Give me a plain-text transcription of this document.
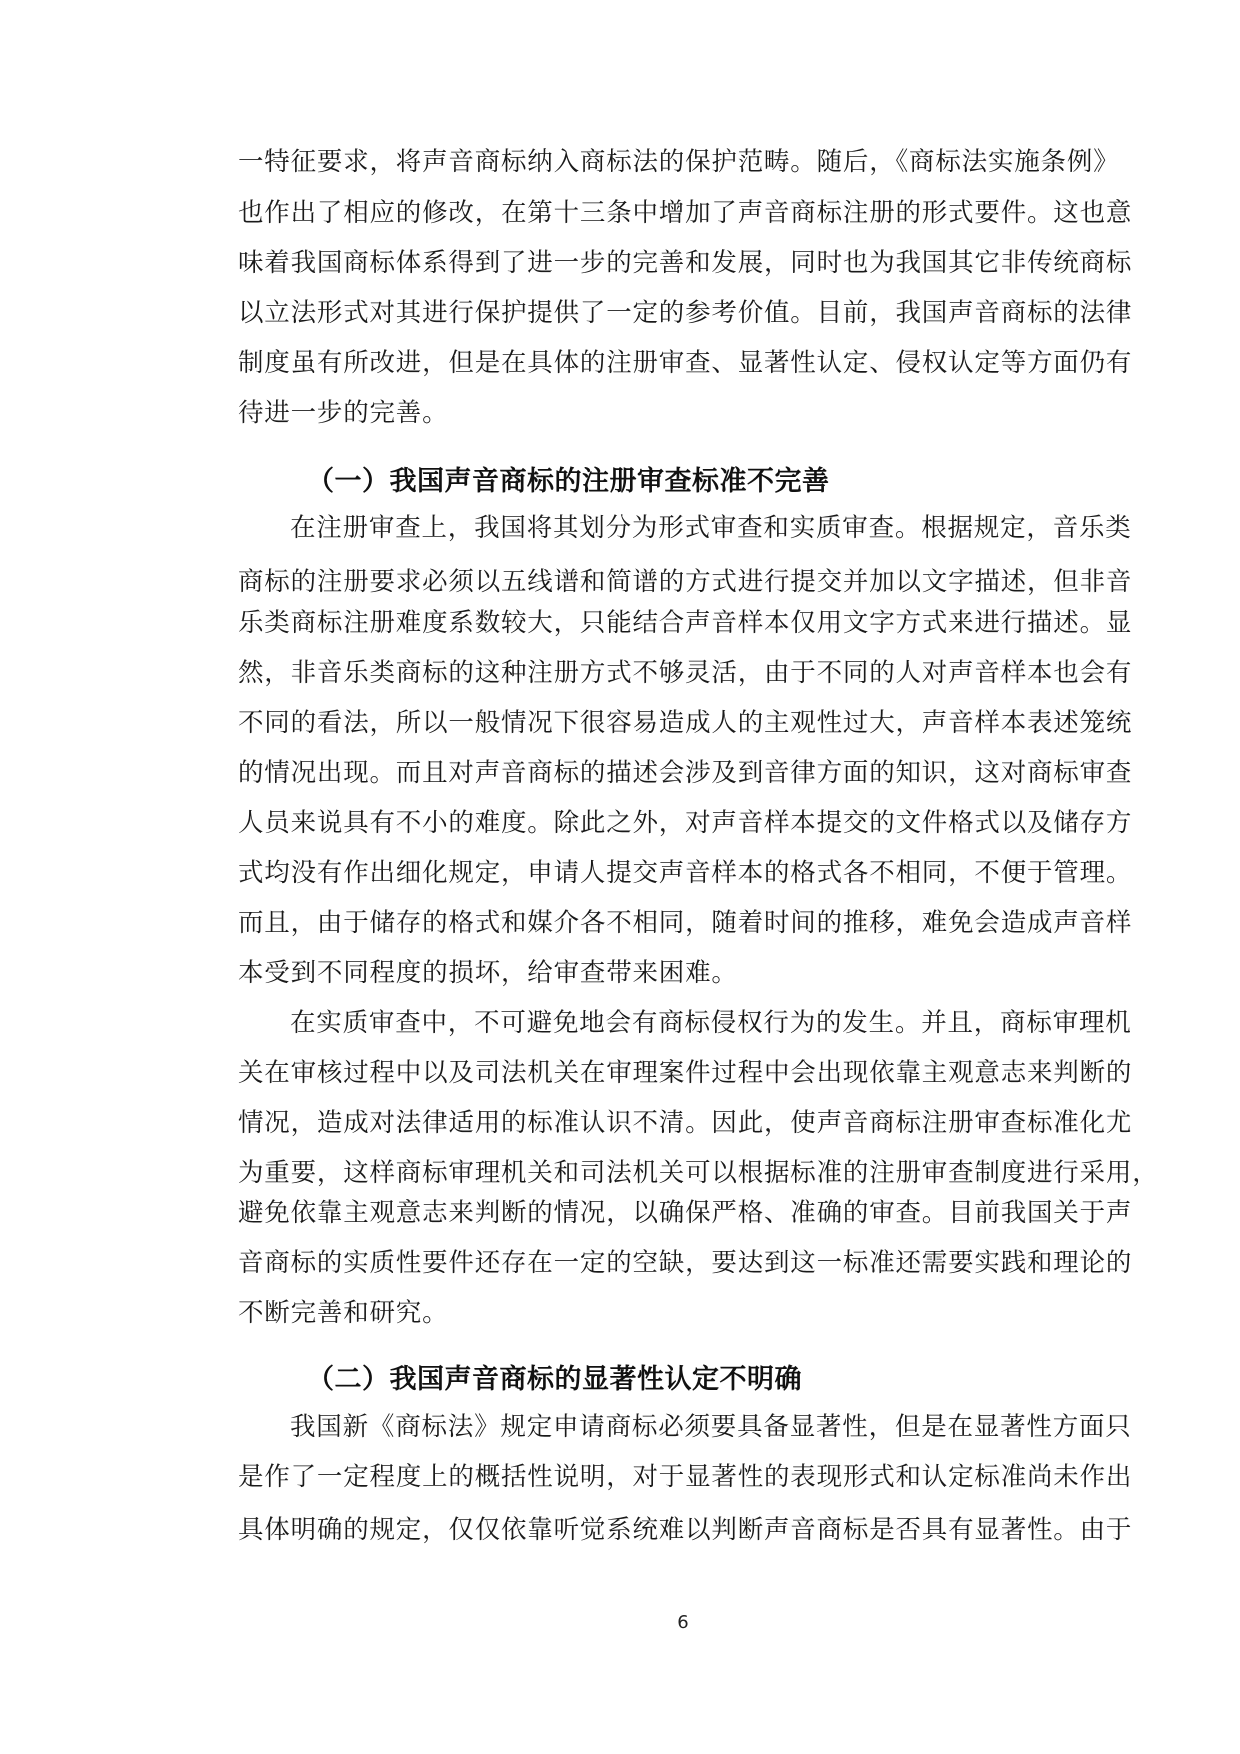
一特征要求，将声音商标纳入商标法的保护范畴。随后，《商标法实施条例》
也作出了相应的修改，在第十三条中增加了声音商标注册的形式要件。这也意
味着我国商标体系得到了进一步的完善和发展，同时也为我国其它非传统商标
以立法形式对其进行保护提供了一定的参考价值。目前，我国声音商标的法律
制度虽有所改进，但是在具体的注册审查、显著性认定、侵权认定等方面仍有
待进一步的完善。
（一）我国声音商标的注册审查标准不完善
在注册审查上，我国将其划分为形式审查和实质审查。根据规定，音乐类
商标的注册要求必须以五线谱和简谱的方式进行提交并加以文字描述，但非音
乐类商标注册难度系数较大，只能结合声音样本仅用文字方式来进行描述。显
然，非音乐类商标的这种注册方式不够灵活，由于不同的人对声音样本也会有
不同的看法，所以一般情况下很容易造成人的主观性过大，声音样本表述笼统
的情况出现。而且对声音商标的描述会涉及到音律方面的知识，这对商标审查
人员来说具有不小的难度。除此之外，对声音样本提交的文件格式以及储存方
式均没有作出细化规定，申请人提交声音样本的格式各不相同，不便于管理。
而且，由于储存的格式和媒介各不相同，随着时间的推移，难免会造成声音样
本受到不同程度的损坏，给审查带来困难。
在实质审查中，不可避免地会有商标侵权行为的发生。并且，商标审理机
关在审核过程中以及司法机关在审理案件过程中会出现依靠主观意志来判断的
情况，造成对法律适用的标准认识不清。因此，使声音商标注册审查标准化尤
为重要，这样商标审理机关和司法机关可以根据标准的注册审查制度进行采用，
避免依靠主观意志来判断的情况，以确保严格、准确的审查。目前我国关于声
音商标的实质性要件还存在一定的空缺，要达到这一标准还需要实践和理论的
不断完善和研究。
（二）我国声音商标的显著性认定不明确
我国新《商标法》规定申请商标必须要具备显著性，但是在显著性方面只
是作了一定程度上的概括性说明，对于显著性的表现形式和认定标准尚未作出
具体明确的规定，仅仅依靠听觉系统难以判断声音商标是否具有显著性。由于
6
